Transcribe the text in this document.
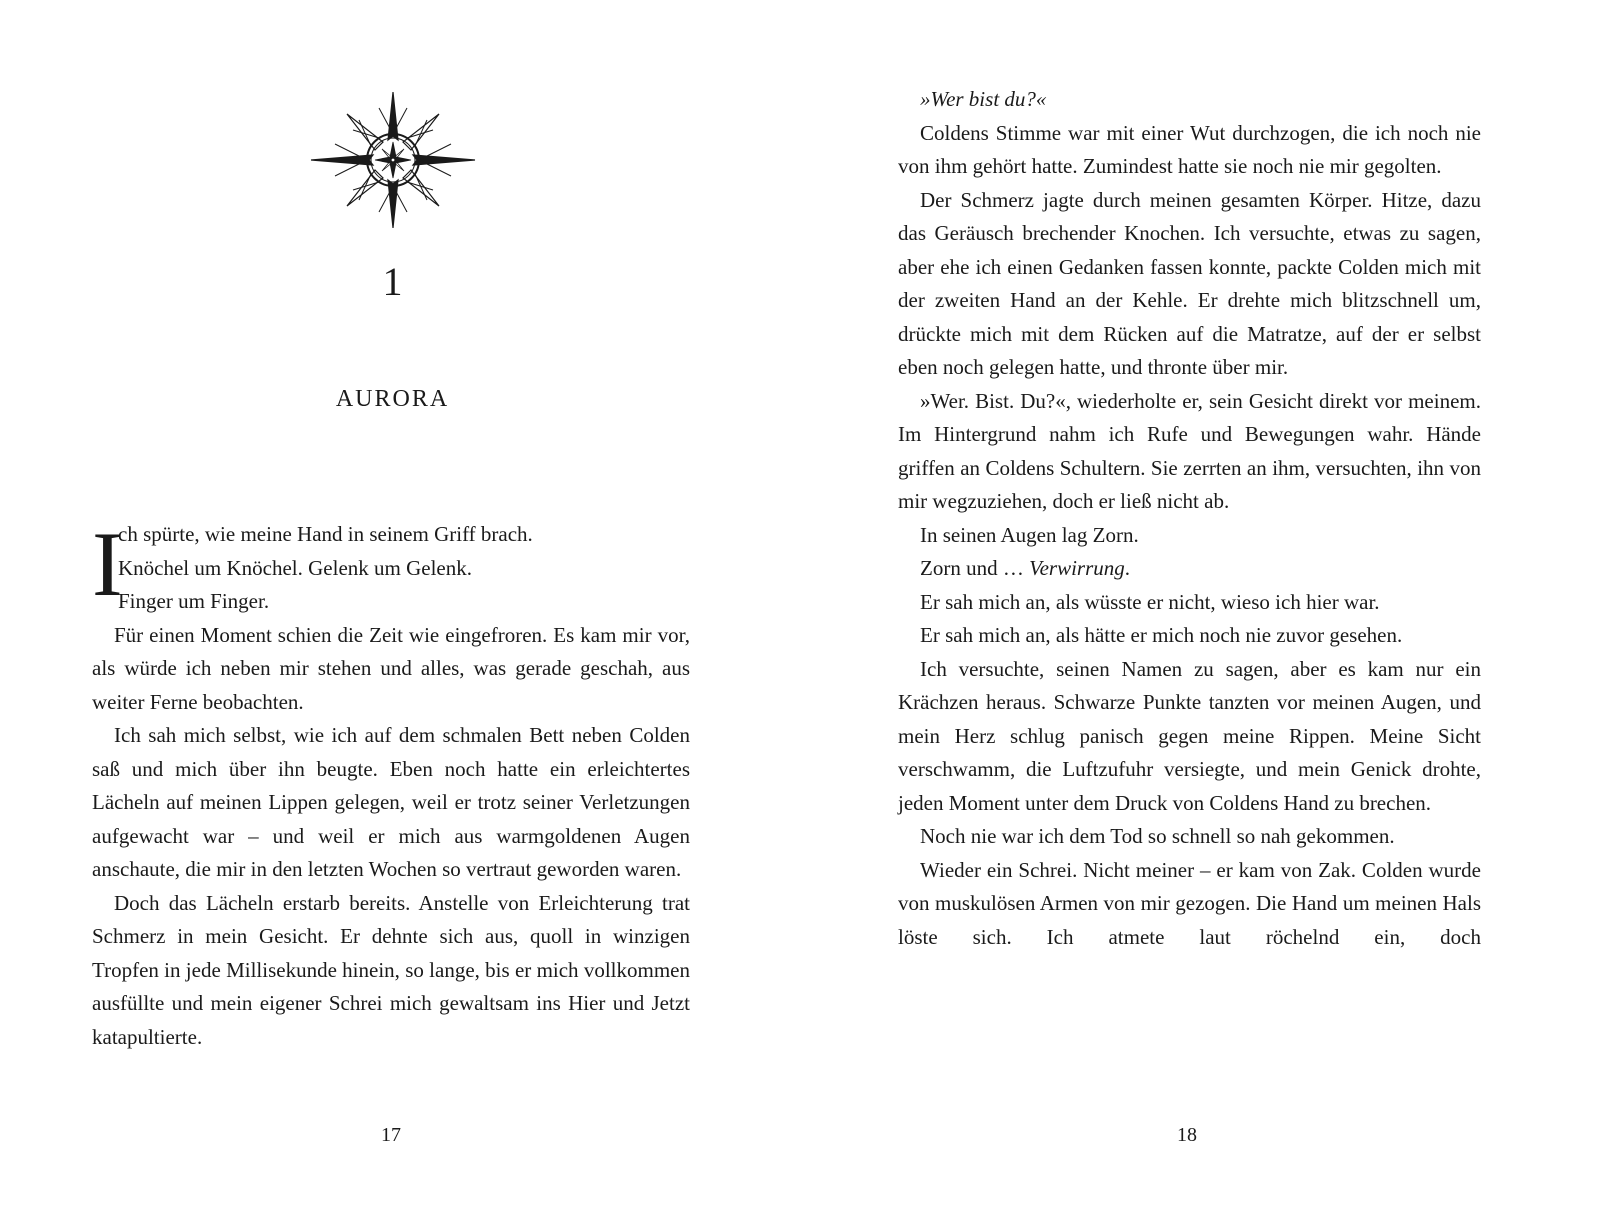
1
AURORA
I

ch spürte, wie meine Hand in seinem Griff brach.

Knöchel um Knöchel. Gelenk um Gelenk.

Finger um Finger.

Für einen Moment schien die Zeit wie eingefroren. Es kam mir vor, als würde ich neben mir stehen und alles, was gerade geschah, aus weiter Ferne beobachten.

Ich sah mich selbst, wie ich auf dem schmalen Bett neben Colden saß und mich über ihn beugte. Eben noch hatte ein erleichtertes Lächeln auf meinen Lippen gelegen, weil er trotz seiner Verletzungen aufgewacht war – und weil er mich aus warmgoldenen Augen anschaute, die mir in den letzten Wochen so vertraut geworden waren.

Doch das Lächeln erstarb bereits. Anstelle von Erleichterung trat Schmerz in mein Gesicht. Er dehnte sich aus, quoll in winzigen Tropfen in jede Millisekunde hinein, so lange, bis er mich vollkommen ausfüllte und mein eigener Schrei mich gewaltsam ins Hier und Jetzt katapultierte.

17

»Wer bist du?«

Coldens Stimme war mit einer Wut durchzogen, die ich noch nie von ihm gehört hatte. Zumindest hatte sie noch nie mir gegolten.

Der Schmerz jagte durch meinen gesamten Körper. Hitze, dazu das Geräusch brechender Knochen. Ich versuchte, etwas zu sagen, aber ehe ich einen Gedanken fassen konnte, packte Colden mich mit der zweiten Hand an der Kehle. Er drehte mich blitzschnell um, drückte mich mit dem Rücken auf die Matratze, auf der er selbst eben noch gelegen hatte, und thronte über mir.

»Wer. Bist. Du?«, wiederholte er, sein Gesicht direkt vor meinem. Im Hintergrund nahm ich Rufe und Bewegungen wahr. Hände griffen an Coldens Schultern. Sie zerrten an ihm, versuchten, ihn von mir wegzuziehen, doch er ließ nicht ab.

In seinen Augen lag Zorn.

Zorn und … Verwirrung.

Er sah mich an, als wüsste er nicht, wieso ich hier war.

Er sah mich an, als hätte er mich noch nie zuvor gesehen.

Ich versuchte, seinen Namen zu sagen, aber es kam nur ein Krächzen heraus. Schwarze Punkte tanzten vor meinen Augen, und mein Herz schlug panisch gegen meine Rippen. Meine Sicht verschwamm, die Luftzufuhr versiegte, und mein Genick drohte, jeden Moment unter dem Druck von Coldens Hand zu brechen.

Noch nie war ich dem Tod so schnell so nah gekommen.

Wieder ein Schrei. Nicht meiner – er kam von Zak. Colden wurde von muskulösen Armen von mir gezogen. Die Hand um meinen Hals löste sich. Ich atmete laut röchelnd ein, doch

18
